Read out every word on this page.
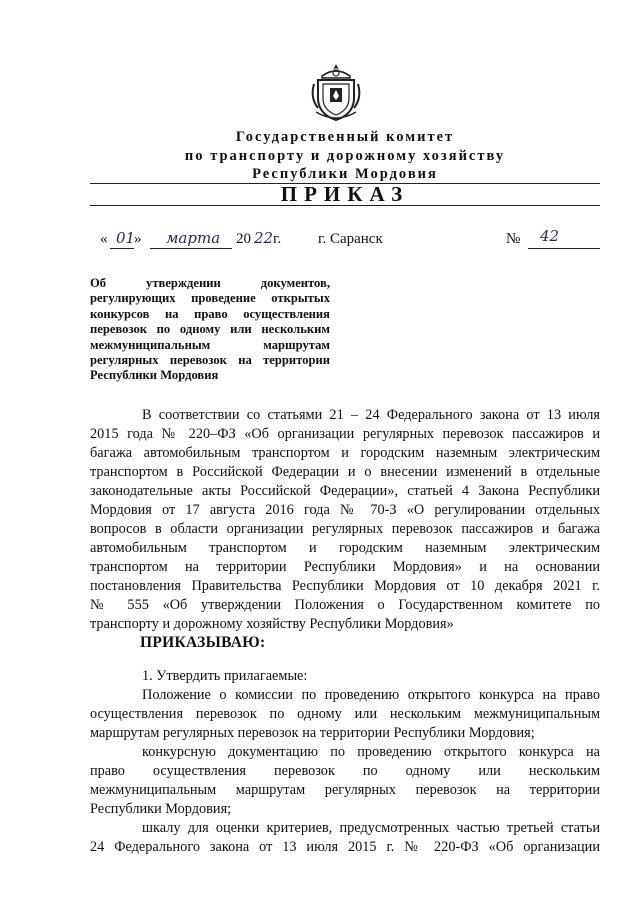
Государственный комитет
по транспорту и дорожному хозяйству
Республики Мордовия
ПРИКАЗ
« 01
» марта 20 22 г. г. Саранск	№ 42
Об утверждении документов,
регулирующих проведение открытых
конкурсов на право осуществления
перевозок по одному или нескольким
межмуниципальным маршрутам
регулярных перевозок на территории
Республики Мордовия
В соответствии со статьями 21 – 24 Федерального закона от 13 июля
2015 года № 220–ФЗ «Об организации регулярных перевозок пассажиров и
багажа автомобильным транспортом и городским наземным электрическим
транспортом в Российской Федерации и о внесении изменений в отдельные
законодательные акты Российской Федерации», статьей 4 Закона Республики
Мордовия от 17 августа 2016 года № 70-З «О регулировании отдельных
вопросов в области организации регулярных перевозок пассажиров и багажа
автомобильным транспортом и городским наземным электрическим
транспортом на территории Республики Мордовия» и на основании
постановления Правительства Республики Мордовия от 10 декабря 2021 г.
№ 555 «Об утверждении Положения о Государственном комитете по
транспорту и дорожному хозяйству Республики Мордовия»
ПРИКАЗЫВАЮ:
1. Утвердить прилагаемые:
Положение о комиссии по проведению открытого конкурса на право
осуществления перевозок по одному или нескольким межмуниципальным
маршрутам регулярных перевозок на территории Республики Мордовия;
конкурсную документацию по проведению открытого конкурса на
право осуществления перевозок по одному или нескольким
межмуниципальным маршрутам регулярных перевозок на территории
Республики Мордовия;
шкалу для оценки критериев, предусмотренных частью третьей статьи
24 Федерального закона от 13 июля 2015 г. № 220-ФЗ «Об организации
